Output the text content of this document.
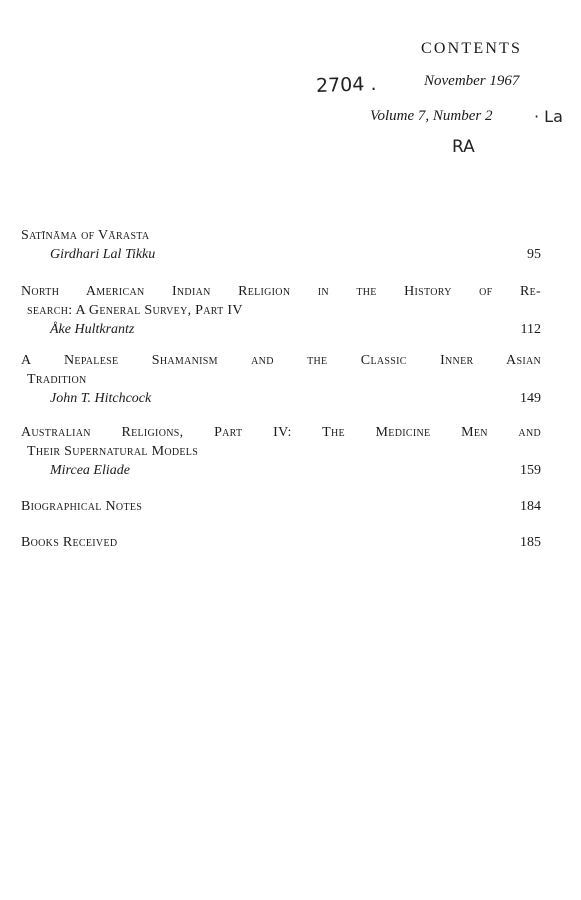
CONTENTS
2704 .	November 1967
Volume 7, Number 2	· La
RA
Satīnāma of Vārasta
Girdhari Lal Tikku	95
North American Indian Religion in the History of Re-
search: A General Survey, Part IV
Åke Hultkrantz	112
A Nepalese Shamanism and the Classic Inner Asian
Tradition
John T. Hitchcock	149
Australian Religions, Part IV: The Medicine Men and
Their Supernatural Models
Mircea Eliade	159
Biographical Notes	184
Books Received	185
